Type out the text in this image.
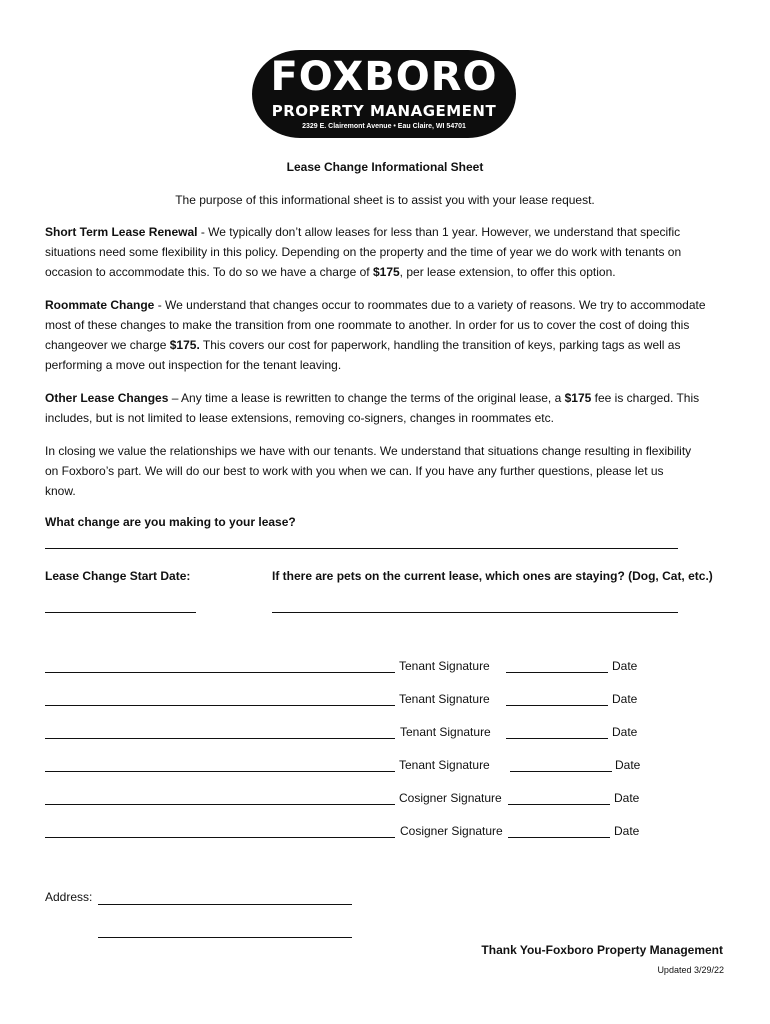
FOXBORO
PROPERTY MANAGEMENT
2329 E. Clairemont Avenue • Eau Claire, WI 54701
Lease Change Informational Sheet
The purpose of this informational sheet is to assist you with your lease request.
Short Term Lease Renewal - We typically don’t allow leases for less than 1 year. However, we understand that specific situations need some flexibility in this policy. Depending on the property and the time of year we do work with tenants on occasion to accommodate this. To do so we have a charge of $175, per lease extension, to offer this option.
Roommate Change - We understand that changes occur to roommates due to a variety of reasons. We try to accommodate most of these changes to make the transition from one roommate to another. In order for us to cover the cost of doing this changeover we charge $175. This covers our cost for paperwork, handling the transition of keys, parking tags as well as performing a move out inspection for the tenant leaving.
Other Lease Changes – Any time a lease is rewritten to change the terms of the original lease, a $175 fee is charged. This includes, but is not limited to lease extensions, removing co-signers, changes in roommates etc.
In closing we value the relationships we have with our tenants. We understand that situations change resulting in flexibility on Foxboro’s part. We will do our best to work with you when we can. If you have any further questions, please let us know.
What change are you making to your lease?
Lease Change Start Date:	If there are pets on the current lease, which ones are staying? (Dog, Cat, etc.)
Tenant Signature	Date
Tenant Signature	Date
Tenant Signature	Date
Tenant Signature	Date
Cosigner Signature	Date
Cosigner Signature	Date
Address:
Thank You-Foxboro Property Management
Updated 3/29/22
